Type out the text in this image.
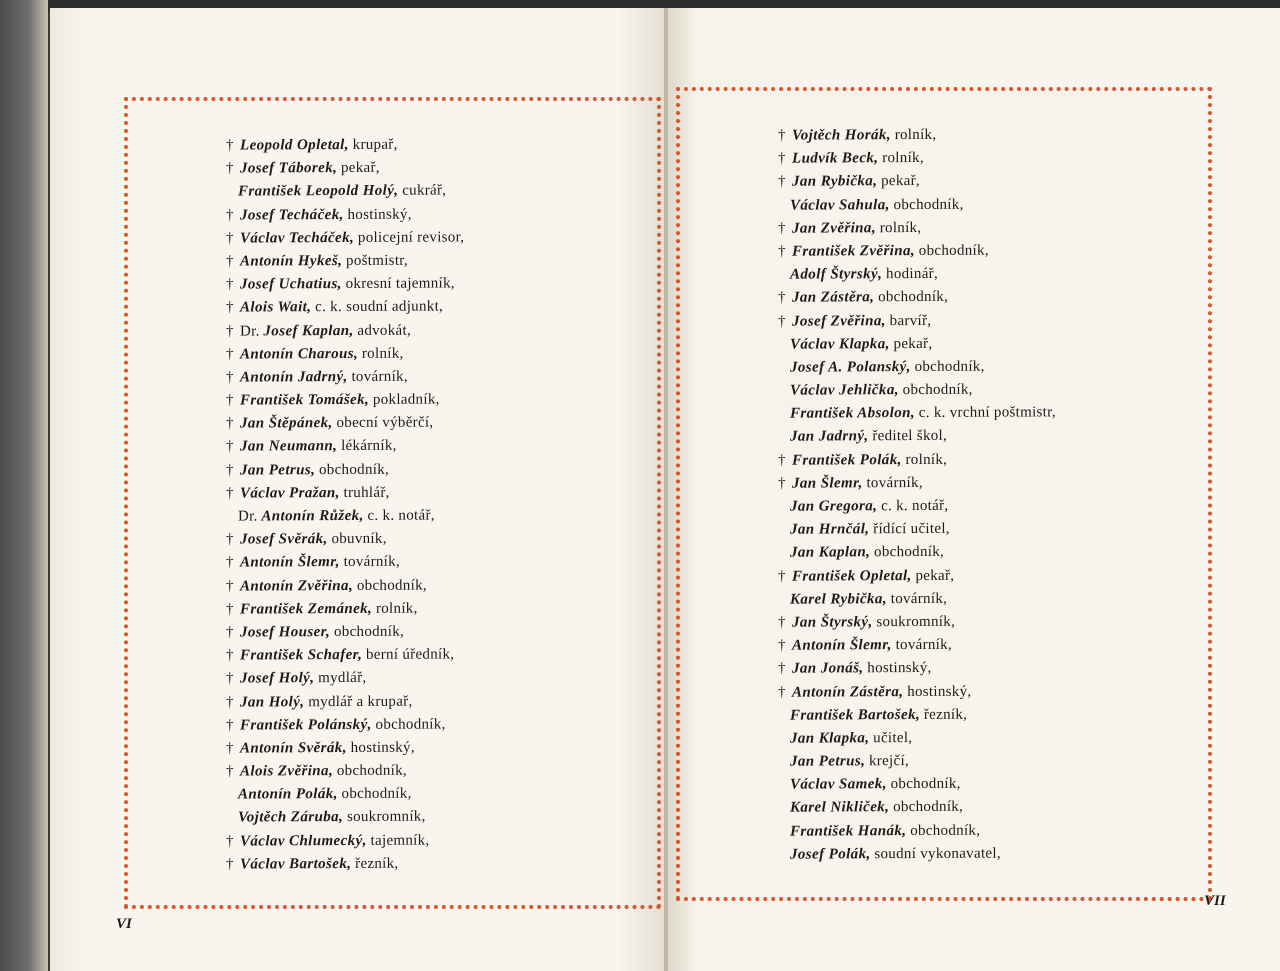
† Leopold Opletal, krupař,
† Josef Táborek, pekař,
František Leopold Holý, cukrář,
† Josef Techáček, hostinský,
† Václav Techáček, policejní revisor,
† Antonín Hykeš, poštmistr,
† Josef Uchatius, okresní tajemník,
† Alois Wait, c. k. soudní adjunkt,
† Dr. Josef Kaplan, advokát,
† Antonín Charous, rolník,
† Antonín Jadrný, továrník,
† František Tomášek, pokladník,
† Jan Štěpánek, obecní výběrčí,
† Jan Neumann, lékárník,
† Jan Petrus, obchodník,
† Václav Pražan, truhlář,
Dr. Antonín Růžek, c. k. notář,
† Josef Svěrák, obuvník,
† Antonín Šlemr, továrník,
† Antonín Zvěřina, obchodník,
† František Zemánek, rolník,
† Josef Houser, obchodník,
† František Schafer, berní úředník,
† Josef Holý, mydlář,
† Jan Holý, mydlář a krupař,
† František Polánský, obchodník,
† Antonín Svěrák, hostinský,
† Alois Zvěřina, obchodník,
Antonín Polák, obchodník,
Vojtěch Záruba, soukromník,
† Václav Chlumecký, tajemník,
† Václav Bartošek, řezník,
† Vojtěch Horák, rolník,
† Ludvík Beck, rolník,
† Jan Rybička, pekař,
Václav Sahula, obchodník,
† Jan Zvěřina, rolník,
† František Zvěřina, obchodník,
Adolf Štyrský, hodinář,
† Jan Zástěra, obchodník,
† Josef Zvěřina, barvíř,
Václav Klapka, pekař,
Josef A. Polanský, obchodník,
Václav Jehlička, obchodník,
František Absolon, c. k. vrchní poštmistr,
Jan Jadrný, ředitel škol,
† František Polák, rolník,
† Jan Šlemr, továrník,
Jan Gregora, c. k. notář,
Jan Hrnčál, řídící učitel,
Jan Kaplan, obchodník,
† František Opletal, pekař,
Karel Rybička, továrník,
† Jan Štyrský, soukromník,
† Antonín Šlemr, továrník,
† Jan Jonáš, hostinský,
† Antonín Zástěra, hostinský,
František Bartošek, řezník,
Jan Klapka, učitel,
Jan Petrus, krejčí,
Václav Samek, obchodník,
Karel Nikliček, obchodník,
František Hanák, obchodník,
Josef Polák, soudní vykonavatel,
VI
VII
